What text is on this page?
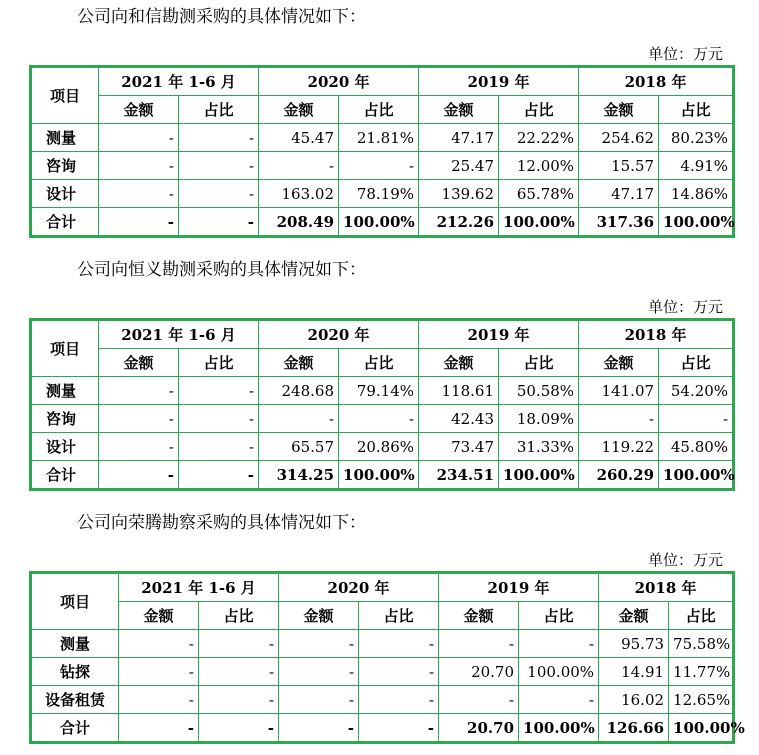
公司向和信勘测采购的具体情况如下：
单位：万元
项目	2021 年 1-6 月		2020 年		2019 年		2018 年	
	金额	占比	金额	占比	金额	占比	金额	占比
测量	-	-	45.47	21.81%	47.17	22.22%	254.62	80.23%
咨询	-	-	-	-	25.47	12.00%	15.57	4.91%
设计	-	-	163.02	78.19%	139.62	65.78%	47.17	14.86%
合计	-	-	208.49	100.00%	212.26	100.00%	317.36	100.00%
公司向恒义勘测采购的具体情况如下：
单位：万元
项目	2021 年 1-6 月		2020 年		2019 年		2018 年	
	金额	占比	金额	占比	金额	占比	金额	占比
测量	-	-	248.68	79.14%	118.61	50.58%	141.07	54.20%
咨询	-	-	-	-	42.43	18.09%	-	-
设计	-	-	65.57	20.86%	73.47	31.33%	119.22	45.80%
合计	-	-	314.25	100.00%	234.51	100.00%	260.29	100.00%
公司向荣腾勘察采购的具体情况如下：
单位：万元
项目	2021 年 1-6 月		2020 年		2019 年		2018 年	
	金额	占比	金额	占比	金额	占比	金额	占比
测量	-	-	-	-	-	-	95.73	75.58%
钻探	-	-	-	-	20.70	100.00%	14.91	11.77%
设备租赁	-	-	-	-	-	-	16.02	12.65%
合计	-	-	-	-	20.70	100.00%	126.66	100.00%
